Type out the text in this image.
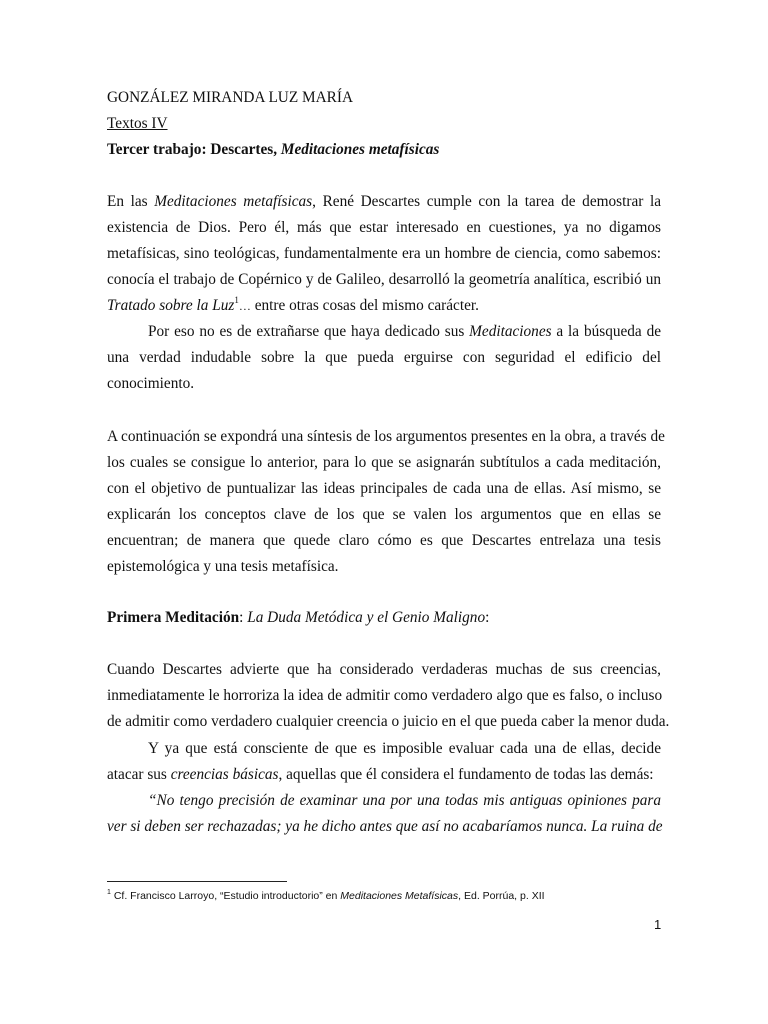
GONZÁLEZ MIRANDA LUZ MARÍA
Textos IV
Tercer trabajo: Descartes, Meditaciones metafísicas
En las Meditaciones metafísicas, René Descartes cumple con la tarea de demostrar la
existencia de Dios. Pero él, más que estar interesado en cuestiones, ya no digamos
metafísicas, sino teológicas, fundamentalmente era un hombre de ciencia, como sabemos:
conocía el trabajo de Copérnico y de Galileo, desarrolló la geometría analítica, escribió un
Tratado sobre la Luz$^1$… entre otras cosas del mismo carácter.
Por eso no es de extrañarse que haya dedicado sus Meditaciones a la búsqueda de
una verdad indudable sobre la que pueda erguirse con seguridad el edificio del
conocimiento.
A continuación se expondrá una síntesis de los argumentos presentes en la obra, a través de
los cuales se consigue lo anterior, para lo que se asignarán subtítulos a cada meditación,
con el objetivo de puntualizar las ideas principales de cada una de ellas. Así mismo, se
explicarán los conceptos clave de los que se valen los argumentos que en ellas se
encuentran; de manera que quede claro cómo es que Descartes entrelaza una tesis
epistemológica y una tesis metafísica.
Primera Meditación: La Duda Metódica y el Genio Maligno:
Cuando Descartes advierte que ha considerado verdaderas muchas de sus creencias,
inmediatamente le horroriza la idea de admitir como verdadero algo que es falso, o incluso
de admitir como verdadero cualquier creencia o juicio en el que pueda caber la menor duda.
Y ya que está consciente de que es imposible evaluar cada una de ellas, decide
atacar sus creencias básicas, aquellas que él considera el fundamento de todas las demás:
“No tengo precisión de examinar una por una todas mis antiguas opiniones para
ver si deben ser rechazadas; ya he dicho antes que así no acabaríamos nunca. La ruina de
$^1$ Cf. Francisco Larroyo, “Estudio introductorio” en Meditaciones Metafísicas, Ed. Porrúa, p. XII
1
